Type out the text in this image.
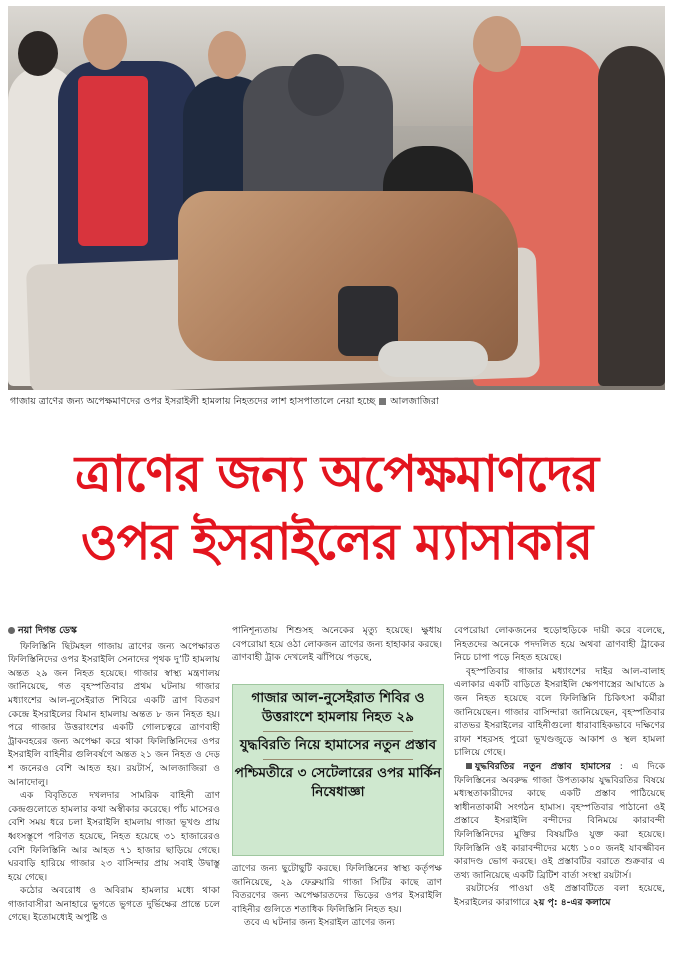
গাজায় ত্রাণের জন্য অপেক্ষমাণদের ওপর ইসরাইলী হামলায় নিহতদের লাশ হাসপাতালে নেয়া হচ্ছে আলজাজিরা
ত্রাণের জন্য অপেক্ষমাণদের
ওপর ইসরাইলের ম্যাসাকার

নয়া দিগন্ত ডেস্ক

ফিলিস্তিনি ছিটমহল গাজায় ত্রাণের জন্য অপেক্ষারত ফিলিস্তিনিদের ওপর ইসরাইলি সেনাদের পৃথক দু’টি হামলায় অন্তত ২৯ জন নিহত হয়েছে। গাজার স্বাস্থ্য মন্ত্রণালয় জানিয়েছে, গত বৃহস্পতিবার প্রথম ঘটনায় গাজার মধ্যাংশের আল-নুসেইরাত শিবিরে একটি ত্রাণ বিতরণ কেন্দ্রে ইসরাইলের বিমান হামলায় অন্তত ৮ জন নিহত হয়। পরে গাজার উত্তরাংশের একটি গোলচত্বরে ত্রাণবাহী ট্রাকবহরের জন্য অপেক্ষা করে থাকা ফিলিস্তিনিদের ওপর ইসরাইলি বাহিনীর গুলিবর্ষণে অন্তত ২১ জন নিহত ও দেড় শ জনেরও বেশি আহত হয়। রয়টার্স, আলজাজিরা ও আনাদোলু।

এক বিবৃতিতে দখলদার সামরিক বাহিনী ত্রাণ কেন্দ্রগুলোতে হামলার কথা অস্বীকার করেছে। পাঁচ মাসেরও বেশি সময় ধরে চলা ইসরাইলি হামলায় গাজা ভূখণ্ড প্রায় ধ্বংসস্তূপে পরিণত হয়েছে, নিহত হয়েছে ৩১ হাজারেরও বেশি ফিলিস্তিনি আর আহত ৭১ হাজার ছাড়িয়ে গেছে। ঘরবাড়ি হারিয়ে গাজার ২৩ বাসিন্দার প্রায় সবাই উদ্বাস্তু হয়ে গেছে।

কঠোর অবরোধ ও অবিরাম হামলার মধ্যে থাকা গাজাবাসীরা অনাহারে ভুগতে ভুগতে দুর্ভিক্ষের প্রান্তে চলে গেছে। ইতোমধ্যেই অপুষ্টি ও

পানিশূন্যতায় শিশুসহ অনেকের মৃত্যু হয়েছে। ক্ষুধায় বেপরোয়া হয়ে ওঠা লোকজন ত্রাণের জন্য হাহাকার করছে। ত্রাণবাহী ট্রাক দেখলেই ঝাঁপিয়ে পড়ছে,

গাজার আল-নুসেইরাত শিবির ও উত্তরাংশে হামলায় নিহত ২৯

যুদ্ধবিরতি নিয়ে হামাসের নতুন প্রস্তাব

পশ্চিমতীরে ৩ সেটেলারের ওপর মার্কিন নিষেধাজ্ঞা

ত্রাণের জন্য ছুটোছুটি করছে। ফিলিস্তিনের স্বাস্থ্য কর্তৃপক্ষ জানিয়েছে, ২৯ ফেব্রুয়ারি গাজা সিটির কাছে ত্রাণ বিতরণের জন্য অপেক্ষারতদের ভিড়ের ওপর ইসরাইলি বাহিনীর গুলিতে শতাধিক ফিলিস্তিনি নিহত হয়।

তবে এ ঘটনার জন্য ইসরাইল ত্রাণের জন্য

বেপরোয়া লোকজনের হুড়োহুড়িকে দায়ী করে বলেছে, নিহতদের অনেকে পদদলিত হয়ে অথবা ত্রাণবাহী ট্রাকের নিচে চাপা পড়ে নিহত হয়েছে।

বৃহস্পতিবার গাজার মধ্যাংশের দাইর আল-বালাহ এলাকার একটি বাড়িতে ইসরাইলি ক্ষেপণাস্ত্রের আঘাতে ৯ জন নিহত হয়েছে বলে ফিলিস্তিনি চিকিৎসা কর্মীরা জানিয়েছেন। গাজার বাসিন্দারা জানিয়েছেন, বৃহস্পতিবার রাতভর ইসরাইলের বাহিনীগুলো ধারাবাহিকভাবে দক্ষিণের রাফা শহরসহ পুরো ভূখণ্ডজুড়ে আকাশ ও স্থল হামলা চালিয়ে গেছে।

যুদ্ধবিরতির নতুন প্রস্তাব হামাসের : এ দিকে ফিলিস্তিনের অবরুদ্ধ গাজা উপত্যকায় যুদ্ধবিরতির বিষয়ে মধ্যস্থতাকারীদের কাছে একটি প্রস্তাব পাঠিয়েছে স্বাধীনতাকামী সংগঠন হামাস। বৃহস্পতিবার পাঠানো ওই প্রস্তাবে ইসরাইলি বন্দীদের বিনিময়ে কারাবন্দী ফিলিস্তিনিদের মুক্তির বিষয়টিও যুক্ত করা হয়েছে। ফিলিস্তিনি ওই কারাবন্দীদের মধ্যে ১০০ জনই যাবজ্জীবন কারাদণ্ড ভোগ করছে। ওই প্রস্তাবটির বরাতে শুক্রবার এ তথ্য জানিয়েছে একটি ব্রিটিশ বার্তা সংস্থা রয়টার্স।

রয়টার্সের পাওয়া ওই প্রস্তাবটিতে বলা হয়েছে, ইসরাইলের কারাগারে ২য় পৃ: ৪-এর কলামে
